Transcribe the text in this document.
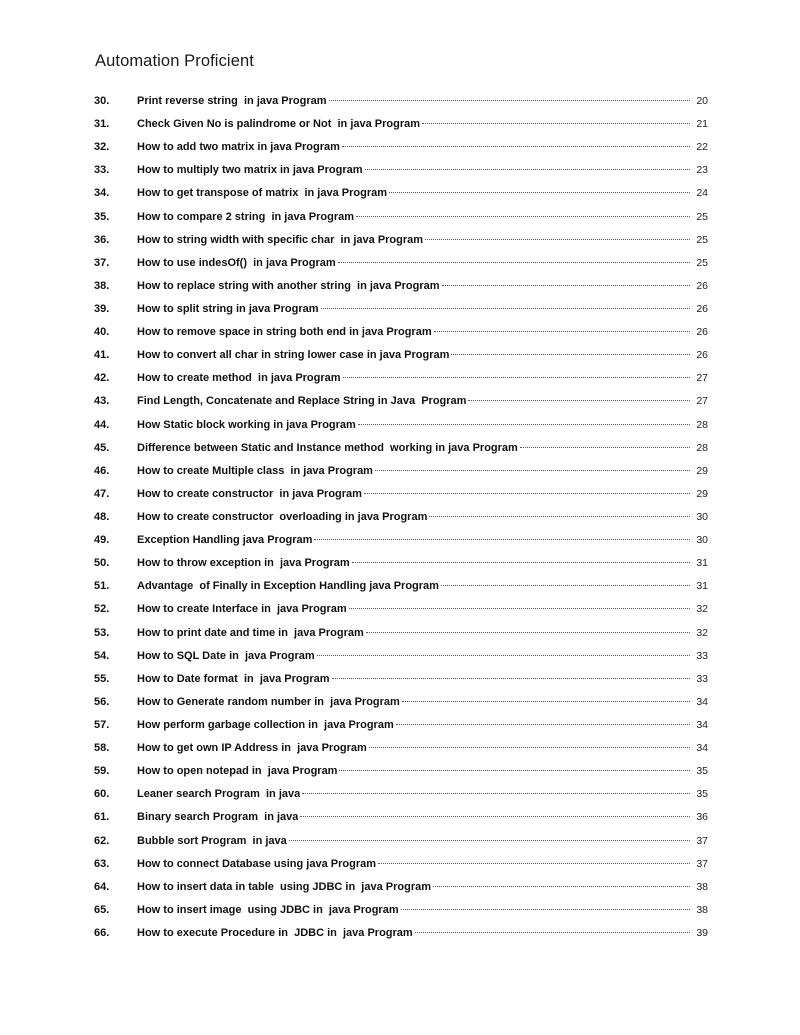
Automation Proficient
30.	Print reverse string  in java Program	20
31.	Check Given No is palindrome or Not  in java Program	21
32.	How to add two matrix in java Program	22
33.	How to multiply two matrix in java Program	23
34.	How to get transpose of matrix  in java Program	24
35.	How to compare 2 string  in java Program	25
36.	How to string width with specific char  in java Program	25
37.	How to use indesOf()  in java Program	25
38.	How to replace string with another string  in java Program	26
39.	How to split string in java Program	26
40.	How to remove space in string both end in java Program	26
41.	How to convert all char in string lower case in java Program	26
42.	How to create method  in java Program	27
43.	Find Length, Concatenate and Replace String in Java  Program	27
44.	How Static block working in java Program	28
45.	Difference between Static and Instance method  working in java Program	28
46.	How to create Multiple class  in java Program	29
47.	How to create constructor  in java Program	29
48.	How to create constructor  overloading in java Program	30
49.	Exception Handling java Program	30
50.	How to throw exception in  java Program	31
51.	Advantage  of Finally in Exception Handling java Program	31
52.	How to create Interface in  java Program	32
53.	How to print date and time in  java Program	32
54.	How to SQL Date in  java Program	33
55.	How to Date format  in  java Program	33
56.	How to Generate random number in  java Program	34
57.	How perform garbage collection in  java Program	34
58.	How to get own IP Address in  java Program	34
59.	How to open notepad in  java Program	35
60.	Leaner search Program  in java	35
61.	Binary search Program  in java	36
62.	Bubble sort Program  in java	37
63.	How to connect Database using java Program	37
64.	How to insert data in table  using JDBC in  java Program	38
65.	How to insert image  using JDBC in  java Program	38
66.	How to execute Procedure in  JDBC in  java Program	39
